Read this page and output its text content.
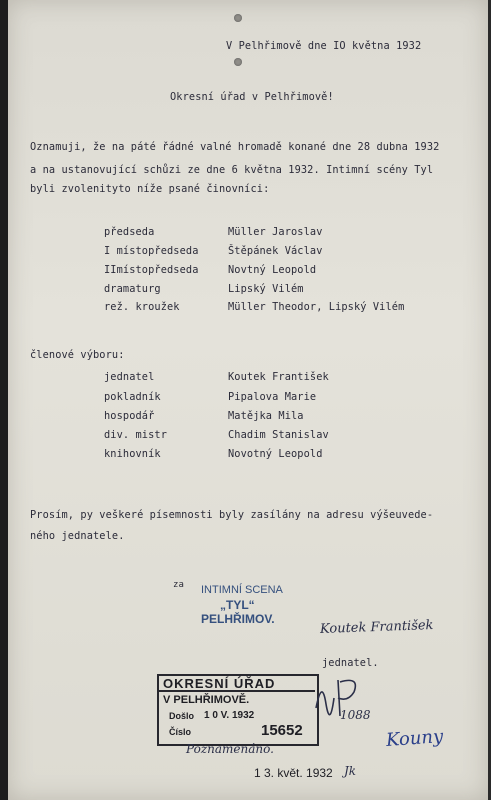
V Pelhřimově dne IO května 1932
Okresní úřad v Pelhřimově!
Oznamuji, že na páté řádné valné hromadě konané dne 28 dubna 1932
a na ustanovující schůzi ze dne 6 května 1932. Intimní scény Tyl
byli zvolenityto níže psané činovníci:
předseda	Müller Jaroslav
I místopředseda	Štěpánek Václav
IImístopředseda	Novtný Leopold
dramaturg	Lipský Vilém
rež. kroužek	Müller Theodor, Lipský Vilém
členové výboru:
jednatel	Koutek František
pokladník	Pipalova Marie
hospodář	Matějka Mila
div. mistr	Chadim Stanislav
knihovník	Novotný Leopold
Prosím, py veškeré písemnosti byly zasílány na adresu výšeuvede-
ného jednatele.
za INTIMNÍ SCENA
„TYL“
PELHŘIMOV.	Koutek František
jednatel.
OKRESNÍ ÚŘAD
V PELHŘIMOVĚ.
Došlo 1 0 V. 1932
Číslo	15652
1088
Poznamenáno.
1 3. květ. 1932 Jk
Kouny
